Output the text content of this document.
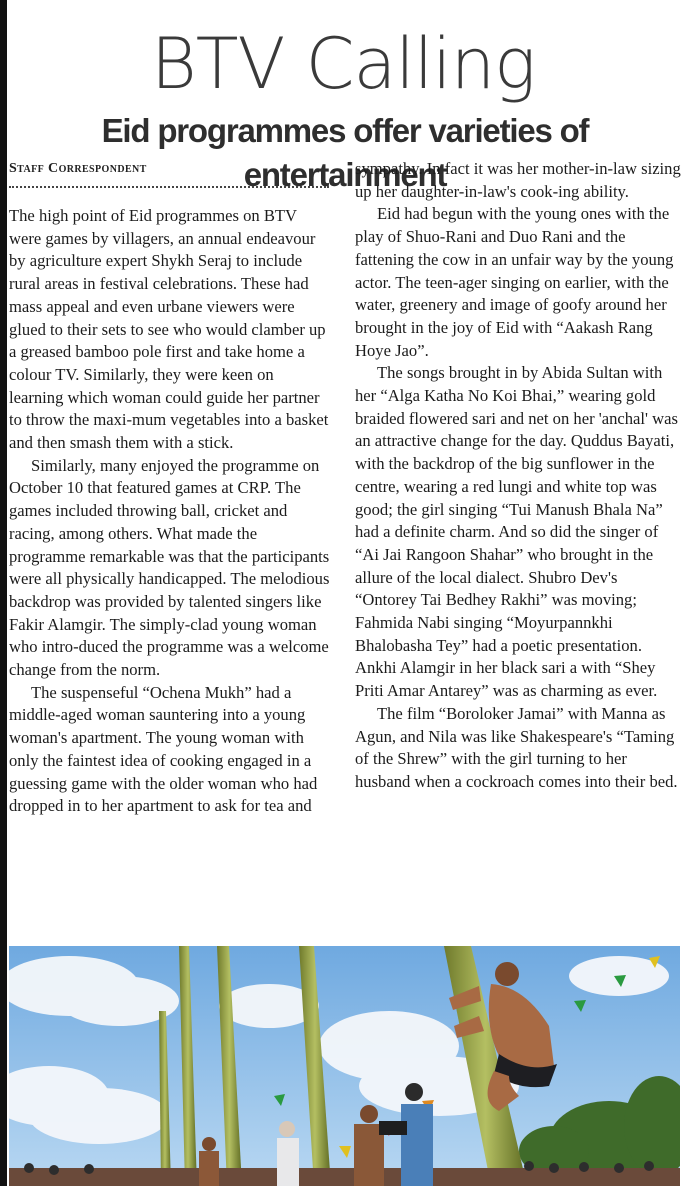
BTV Calling
Eid programmes offer varieties of entertainment
Staff Correspondent

The high point of Eid programmes on BTV were games by villagers, an annual endeavour by agriculture expert Shykh Seraj to include rural areas in festival celebrations. These had mass appeal and even urbane viewers were glued to their sets to see who would clamber up a greased bamboo pole first and take home a colour TV. Similarly, they were keen on learning which woman could guide her partner to throw the maxi-mum vegetables into a basket and then smash them with a stick.

Similarly, many enjoyed the programme on October 10 that featured games at CRP. The games included throwing ball, cricket and racing, among others. What made the programme remarkable was that the participants were all physically handicapped. The melodious backdrop was provided by talented singers like Fakir Alamgir. The simply-clad young woman who intro-duced the programme was a welcome change from the norm.

The suspenseful “Ochena Mukh” had a middle-aged woman sauntering into a young woman's apartment. The young woman with only the faintest idea of cooking engaged in a guessing game with the older woman who had dropped in to her apartment to ask for tea and

sympathy. In fact it was her mother-in-law sizing up her daughter-in-law's cook-ing ability.

Eid had begun with the young ones with the play of Shuo-Rani and Duo Rani and the fattening the cow in an unfair way by the young actor. The teen-ager singing on earlier, with the water, greenery and image of goofy around her brought in the joy of Eid with “Aakash Rang Hoye Jao”.

The songs brought in by Abida Sultan with her “Alga Katha No Koi Bhai,” wearing gold braided flowered sari and net on her 'anchal' was an attractive change for the day. Quddus Bayati, with the backdrop of the big sunflower in the centre, wearing a red lungi and white top was good; the girl singing “Tui Manush Bhala Na” had a definite charm. And so did the singer of “Ai Jai Rangoon Shahar” who brought in the allure of the local dialect. Shubro Dev's “Ontorey Tai Bedhey Rakhi” was moving; Fahmida Nabi singing “Moyurpannkhi Bhalobasha Tey” had a poetic presentation. Ankhi Alamgir in her black sari a with “Shey Priti Amar Antarey” was as charming as ever.

The film “Boroloker Jamai” with Manna as Agun, and Nila was like Shakespeare's “Taming of the Shrew” with the girl turning to her husband when a cockroach comes into their bed.
